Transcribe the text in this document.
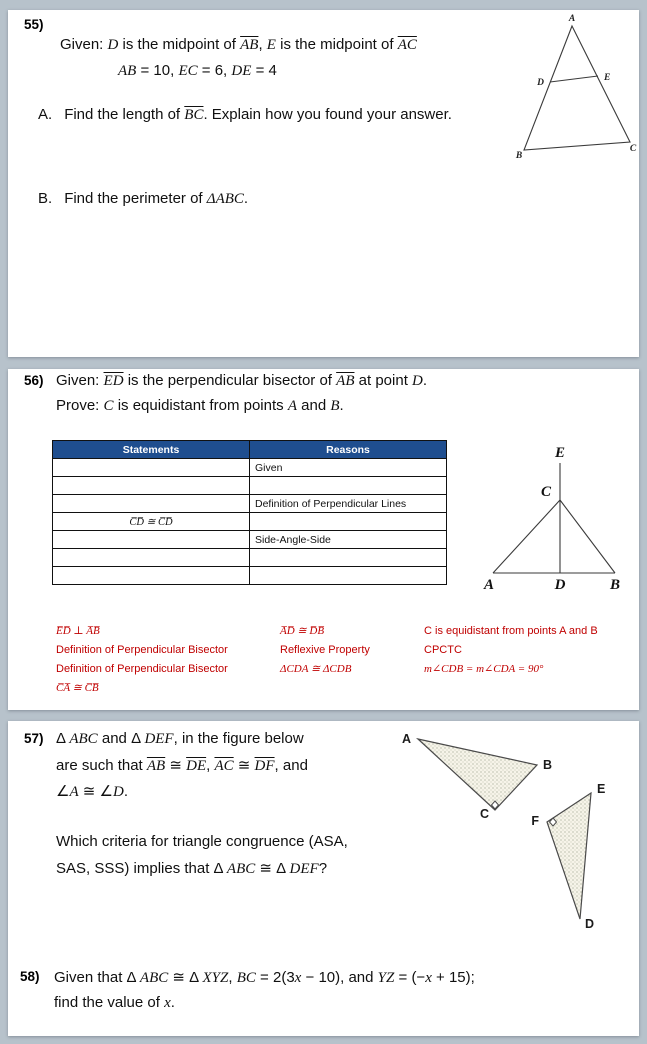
55)
Given: D is the midpoint of $\overline{AB}$, E is the midpoint of $\overline{AC}$
AB = 10, EC = 6, DE = 4
A. Find the length of $\overline{BC}$. Explain how you found your answer.
B. Find the perimeter of ΔABC.
A
D	E
B
C
56) Given: $\overline{ED}$ is the perpendicular bisector of $\overline{AB}$ at point D.
Prove: C is equidistant from points A and B.
Statements	Reasons
	Given

	Definition of Perpendicular Lines
C̅D̅ ≅ C̅D̅	
	Side-Angle-Side

E
C
A	D	B
E̅D̅ ⊥ A̅B̅
Definition of Perpendicular Bisector
Definition of Perpendicular Bisector
C̅A̅ ≅ C̅B̅
A̅D̅ ≅ D̅B̅
Reflexive Property
ΔCDA ≅ ΔCDB
C is equidistant from points A and B
CPCTC
m∠CDB = m∠CDA = 90°
57) Δ ABC and Δ DEF, in the figure below
are such that $\overline{AB}$ ≅ $\overline{DE}$, $\overline{AC}$ ≅ $\overline{DF}$, and
∠A ≅ ∠D.
Which criteria for triangle congruence (ASA,
SAS, SSS) implies that Δ ABC ≅ Δ DEF?
A
B
C
E
F
D
58) Given that Δ ABC ≅ Δ XYZ, BC = 2(3x − 10), and YZ = (−x + 15);
find the value of x.
